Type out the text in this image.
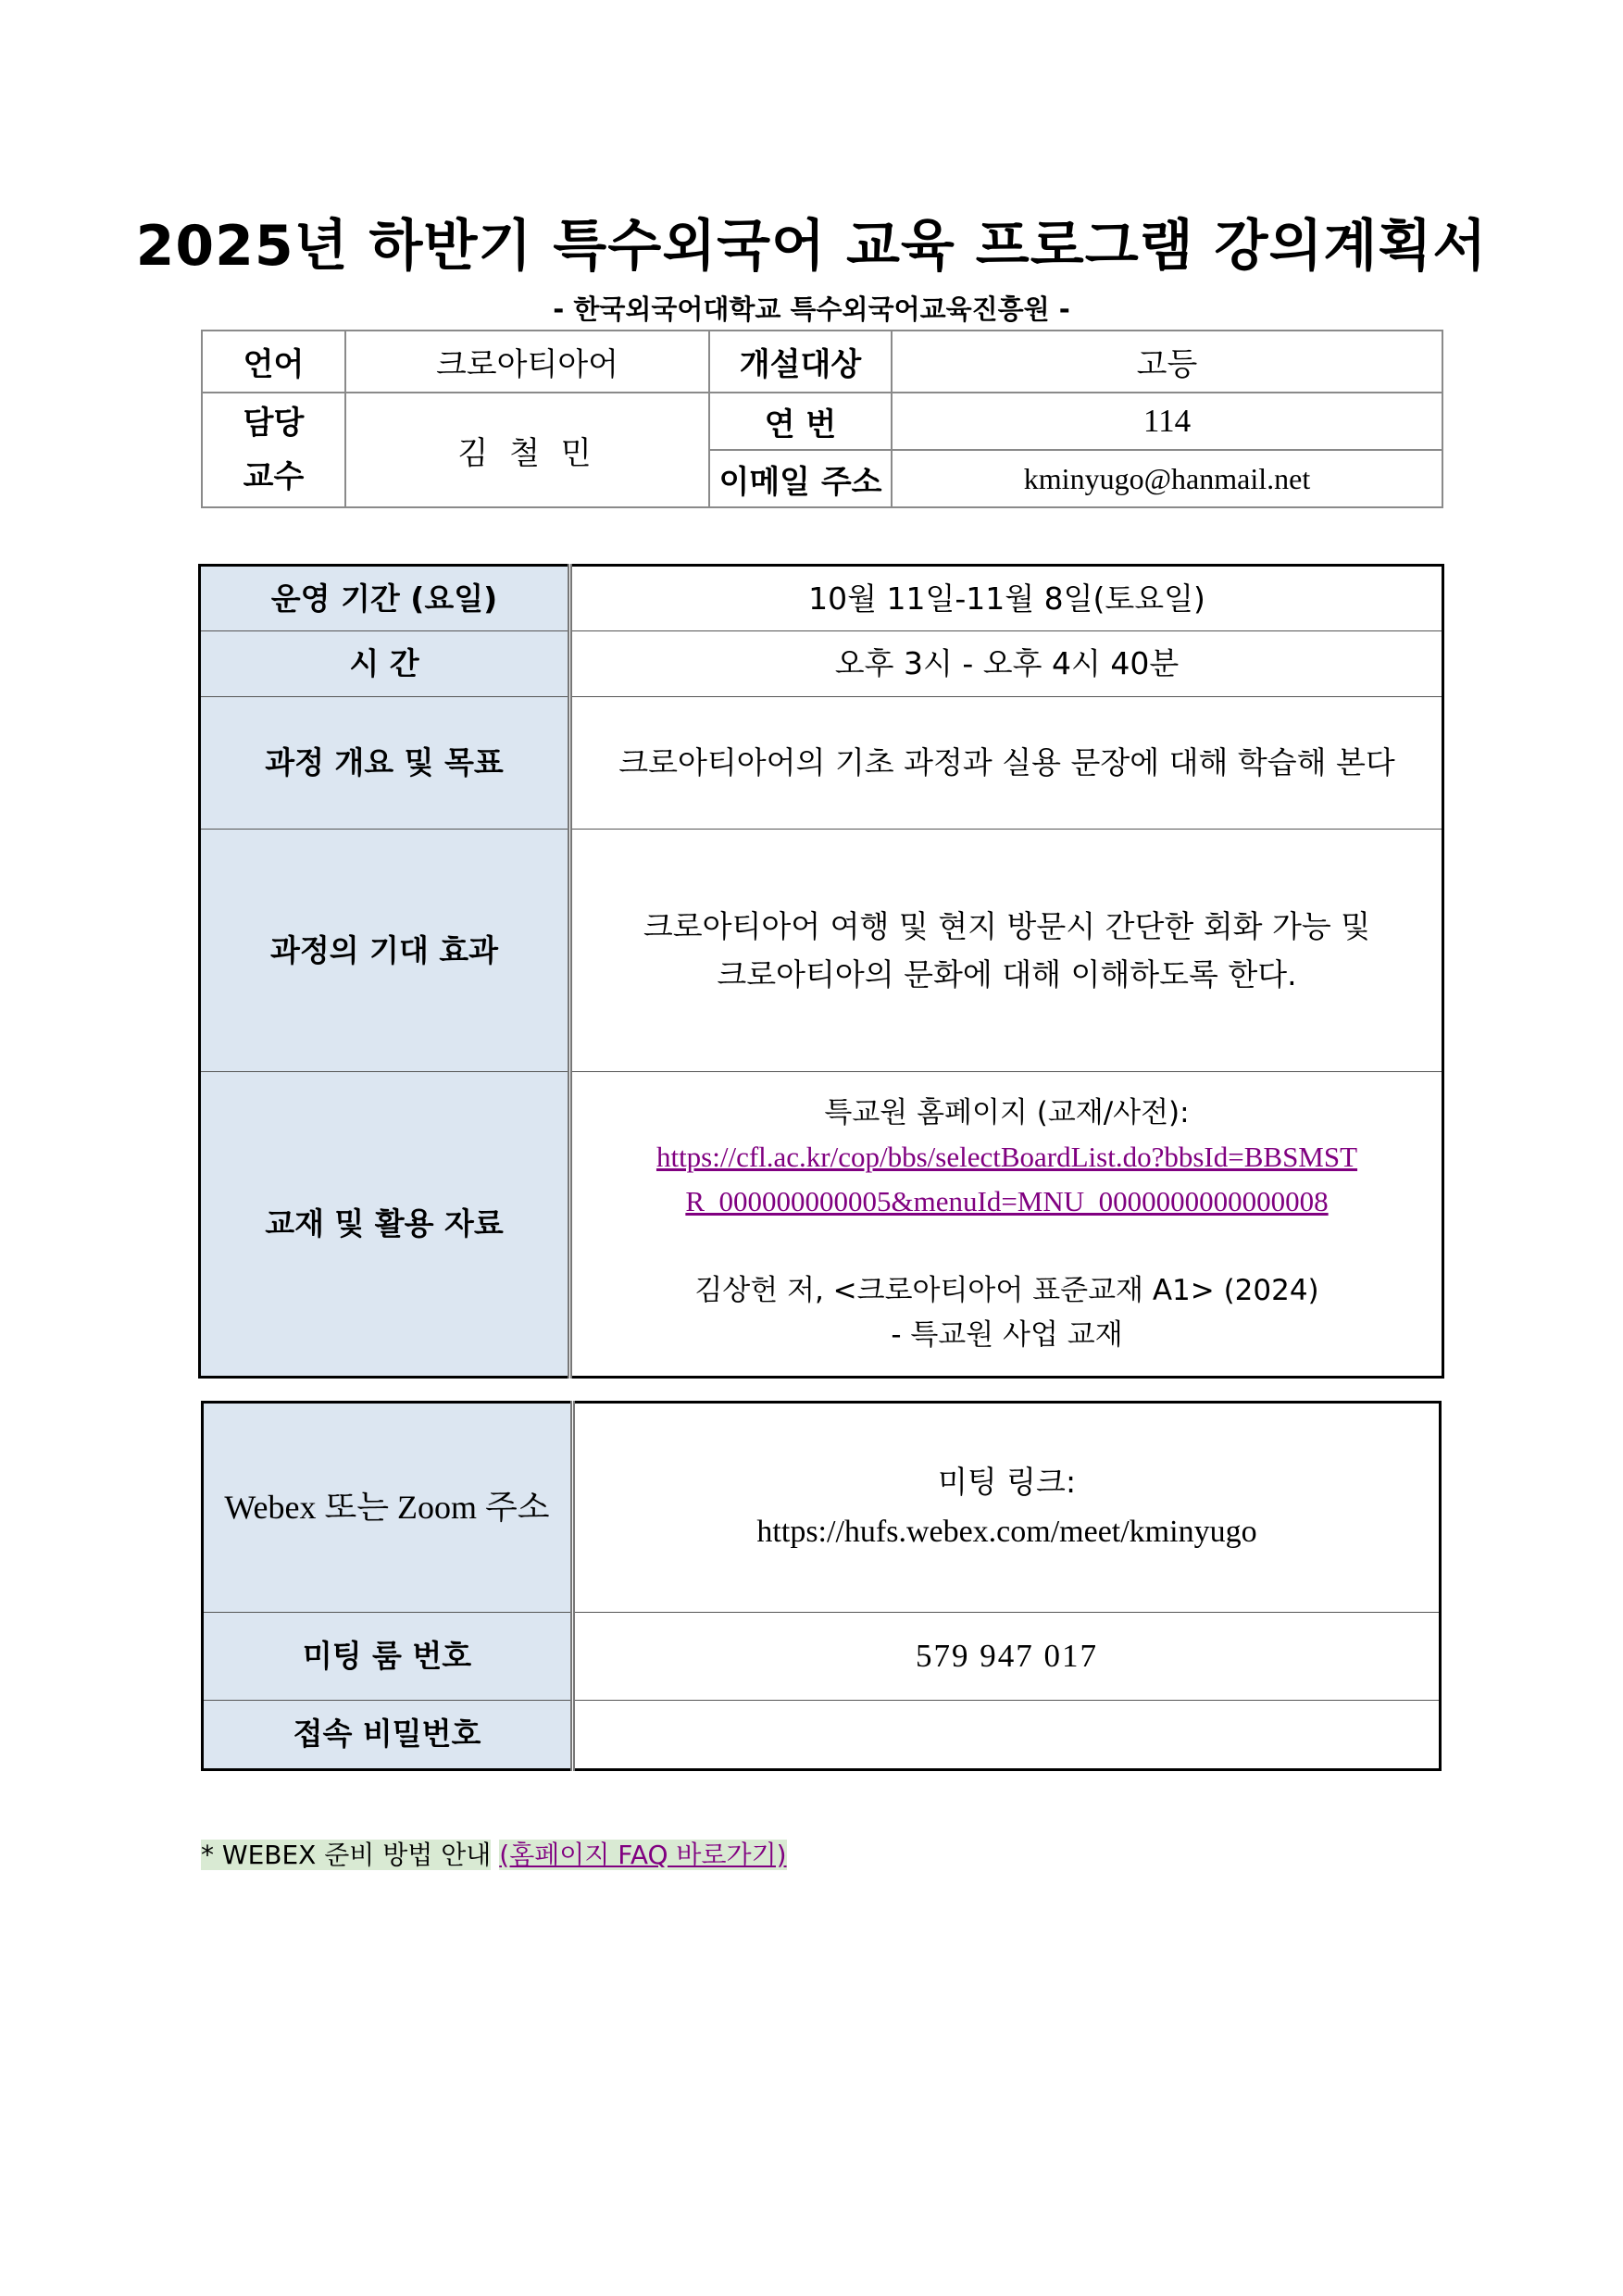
2025년 하반기 특수외국어 교육 프로그램 강의계획서
- 한국외국어대학교 특수외국어교육진흥원 -
언어	크로아티아어	개설대상	고등

담당
교수	김 철 민	연 번	114
		이메일 주소	kminyugo@hanmail.net
운영 기간 (요일)	10월 11일-11월 8일(토요일)
시 간	오후 3시 - 오후 4시 40분
과정 개요 및 목표	크로아티아어의 기초 과정과 실용 문장에 대해 학습해 본다
과정의 기대 효과	크로아티아어 여행 및 현지 방문시 간단한 회화 가능 및
크로아티아의 문화에 대해 이해하도록 한다.

교재 및 활용 자료	특교원 홈페이지 (교재/사전):
https://cfl.ac.kr/cop/bbs/selectBoardList.do?bbsId=BBSMST
R_000000000005&menuId=MNU_0000000000000008
김상헌 저, <크로아티아어 표준교재 A1> (2024)
- 특교원 사업 교재
Webex 또는 Zoom 주소	미팅 링크:
https://hufs.webex.com/meet/kminyugo

미팅 룸 번호	579 947 017
접속 비밀번호	
* WEBEX 준비 방법 안내 (홈페이지 FAQ 바로가기)
